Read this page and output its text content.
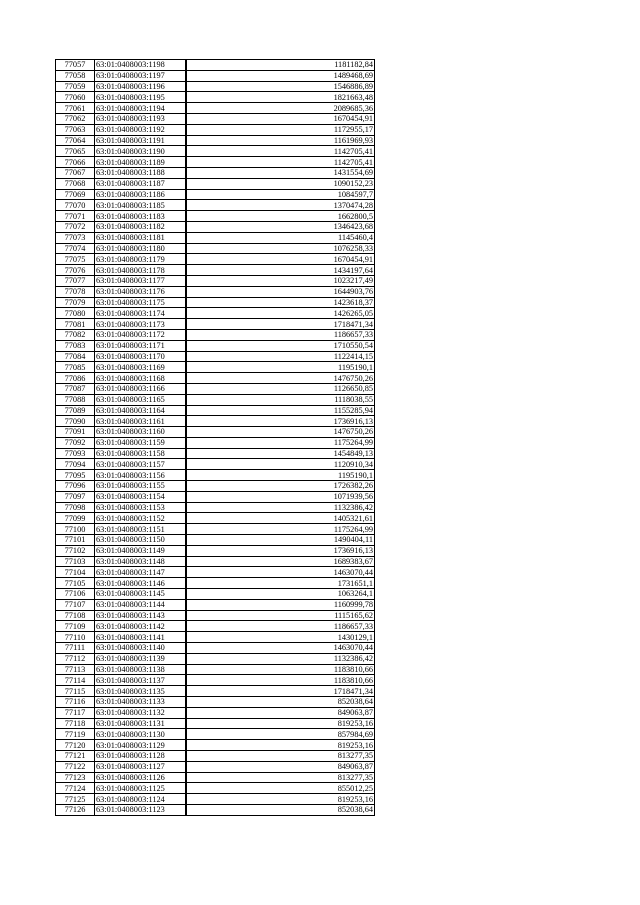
77057	63:01:0408003:1198	1181182,84
77058	63:01:0408003:1197	1489468,69
77059	63:01:0408003:1196	1546886,89
77060	63:01:0408003:1195	1821663,48
77061	63:01:0408003:1194	2089685,36
77062	63:01:0408003:1193	1670454,91
77063	63:01:0408003:1192	1172955,17
77064	63:01:0408003:1191	1161969,93
77065	63:01:0408003:1190	1142705,41
77066	63:01:0408003:1189	1142705,41
77067	63:01:0408003:1188	1431554,69
77068	63:01:0408003:1187	1090152,23
77069	63:01:0408003:1186	1084597,7
77070	63:01:0408003:1185	1370474,28
77071	63:01:0408003:1183	1662800,5
77072	63:01:0408003:1182	1346423,68
77073	63:01:0408003:1181	1145460,4
77074	63:01:0408003:1180	1076258,33
77075	63:01:0408003:1179	1670454,91
77076	63:01:0408003:1178	1434197,64
77077	63:01:0408003:1177	1023217,49
77078	63:01:0408003:1176	1644903,76
77079	63:01:0408003:1175	1423618,37
77080	63:01:0408003:1174	1426265,05
77081	63:01:0408003:1173	1718471,34
77082	63:01:0408003:1172	1186657,33
77083	63:01:0408003:1171	1710550,54
77084	63:01:0408003:1170	1122414,15
77085	63:01:0408003:1169	1195190,1
77086	63:01:0408003:1168	1476750,26
77087	63:01:0408003:1166	1126650,85
77088	63:01:0408003:1165	1118038,55
77089	63:01:0408003:1164	1155285,94
77090	63:01:0408003:1161	1736916,13
77091	63:01:0408003:1160	1476750,26
77092	63:01:0408003:1159	1175264,99
77093	63:01:0408003:1158	1454849,13
77094	63:01:0408003:1157	1120910,34
77095	63:01:0408003:1156	1195190,1
77096	63:01:0408003:1155	1726382,26
77097	63:01:0408003:1154	1071939,56
77098	63:01:0408003:1153	1132386,42
77099	63:01:0408003:1152	1405321,61
77100	63:01:0408003:1151	1175264,99
77101	63:01:0408003:1150	1490404,11
77102	63:01:0408003:1149	1736916,13
77103	63:01:0408003:1148	1689383,67
77104	63:01:0408003:1147	1463070,44
77105	63:01:0408003:1146	1731651,1
77106	63:01:0408003:1145	1063264,1
77107	63:01:0408003:1144	1160999,78
77108	63:01:0408003:1143	1115165,62
77109	63:01:0408003:1142	1186657,33
77110	63:01:0408003:1141	1430129,1
77111	63:01:0408003:1140	1463070,44
77112	63:01:0408003:1139	1132386,42
77113	63:01:0408003:1138	1183810,66
77114	63:01:0408003:1137	1183810,66
77115	63:01:0408003:1135	1718471,34
77116	63:01:0408003:1133	852038,64
77117	63:01:0408003:1132	849063,87
77118	63:01:0408003:1131	819253,16
77119	63:01:0408003:1130	857984,69
77120	63:01:0408003:1129	819253,16
77121	63:01:0408003:1128	813277,35
77122	63:01:0408003:1127	849063,87
77123	63:01:0408003:1126	813277,35
77124	63:01:0408003:1125	855012,25
77125	63:01:0408003:1124	819253,16
77126	63:01:0408003:1123	852038,64
